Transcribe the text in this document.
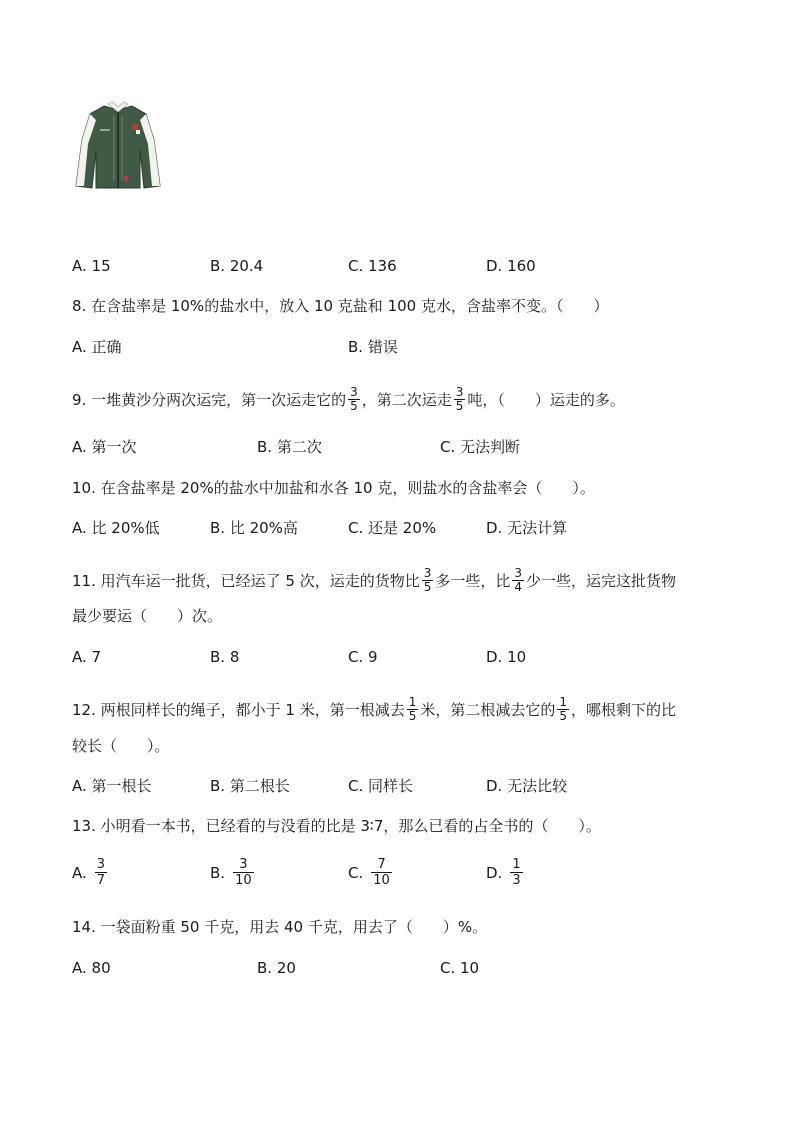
A. 15	B. 20.4	C. 136	D. 160
8. 在含盐率是 10%的盐水中，放入 10 克盐和 100 克水，含盐率不变。（　　）
A. 正确	B. 错误
9. 一堆黄沙分两次运完，第一次运走它的 $\frac{3}{5}$ ，第二次运走 $\frac{3}{5}$ 吨，（　　）运走的多。
A. 第一次	B. 第二次	C. 无法判断
10. 在含盐率是 20%的盐水中加盐和水各 10 克，则盐水的含盐率会（　　）。
A. 比 20%低	B. 比 20%高	C. 还是 20%	D. 无法计算
11. 用汽车运一批货，已经运了 5 次，运走的货物比 $\frac{3}{5}$ 多一些，比 $\frac{3}{4}$ 少一些，运完这批货物
最少要运（　　）次。
A. 7	B. 8	C. 9	D. 10
12. 两根同样长的绳子，都小于 1 米，第一根减去 $\frac{1}{5}$ 米，第二根减去它的 $\frac{1}{5}$ ，哪根剩下的比
较长（　　）。
A. 第一根长	B. 第二根长	C. 同样长	D. 无法比较
13. 小明看一本书，已经看的与没看的比是 3∶7，那么已看的占全书的（　　）。
A. $\frac{3}{7}$	B. $\frac{3}{10}$	C. $\frac{7}{10}$	D. $\frac{1}{3}$
14. 一袋面粉重 50 千克，用去 40 千克，用去了（　　）%。
A. 80	B. 20	C. 10
